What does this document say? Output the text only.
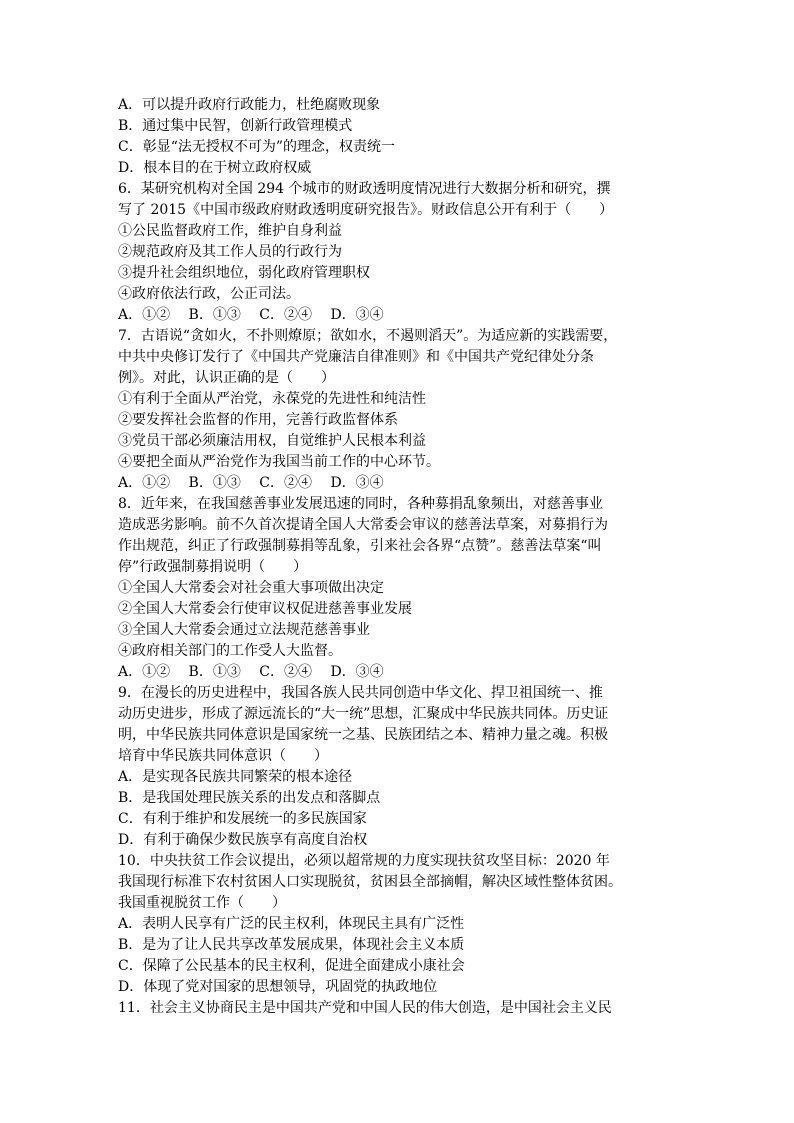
A．可以提升政府行政能力，杜绝腐败现象
B．通过集中民智，创新行政管理模式
C．彰显“法无授权不可为”的理念，权责统一
D．根本目的在于树立政府权威
6．某研究机构对全国 294 个城市的财政透明度情况进行大数据分析和研究，撰
写了 2015《中国市级政府财政透明度研究报告》。财政信息公开有利于（　　）
①公民监督政府工作，维护自身利益
②规范政府及其工作人员的行政行为
③提升社会组织地位，弱化政府管理职权
④政府依法行政，公正司法。
A．①②　 B．①③　 C．②④　 D．③④
7．古语说“贪如火，不扑则燎原；欲如水，不遏则滔天”。为适应新的实践需要，
中共中央修订发行了《中国共产党廉洁自律准则》和《中国共产党纪律处分条
例》。对此，认识正确的是（　　）
①有利于全面从严治党，永葆党的先进性和纯洁性
②要发挥社会监督的作用，完善行政监督体系
③党员干部必须廉洁用权，自觉维护人民根本利益
④要把全面从严治党作为我国当前工作的中心环节。
A．①②　 B．①③　 C．②④　 D．③④
8．近年来，在我国慈善事业发展迅速的同时，各种募捐乱象频出，对慈善事业
造成恶劣影响。前不久首次提请全国人大常委会审议的慈善法草案，对募捐行为
作出规范，纠正了行政强制募捐等乱象，引来社会各界“点赞”。慈善法草案“叫
停”行政强制募捐说明（　　）
①全国人大常委会对社会重大事项做出决定
②全国人大常委会行使审议权促进慈善事业发展
③全国人大常委会通过立法规范慈善事业
④政府相关部门的工作受人大监督。
A．①②　 B．①③　 C．②④　 D．③④
9．在漫长的历史进程中，我国各族人民共同创造中华文化、捍卫祖国统一、推
动历史进步，形成了源远流长的“大一统”思想，汇聚成中华民族共同体。历史证
明，中华民族共同体意识是国家统一之基、民族团结之本、精神力量之魂。积极
培育中华民族共同体意识（　　）
A．是实现各民族共同繁荣的根本途径
B．是我国处理民族关系的出发点和落脚点
C．有利于维护和发展统一的多民族国家
D．有利于确保少数民族享有高度自治权
10．中央扶贫工作会议提出，必须以超常规的力度实现扶贫攻坚目标：2020 年
我国现行标准下农村贫困人口实现脱贫，贫困县全部摘帽，解决区域性整体贫困。
我国重视脱贫工作（　　）
A．表明人民享有广泛的民主权利，体现民主具有广泛性
B．是为了让人民共享改革发展成果，体现社会主义本质
C．保障了公民基本的民主权利，促进全面建成小康社会
D．体现了党对国家的思想领导，巩固党的执政地位
11．社会主义协商民主是中国共产党和中国人民的伟大创造，是中国社会主义民
